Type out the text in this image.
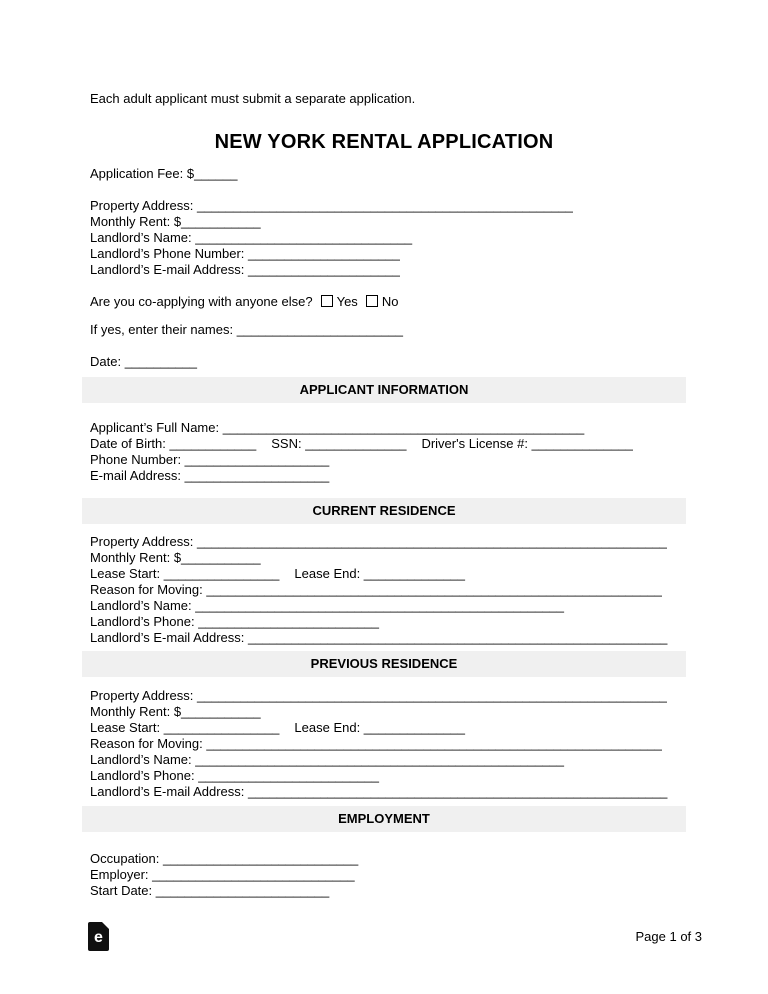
Each adult applicant must submit a separate application.

NEW YORK RENTAL APPLICATION
Application Fee: $______
Property Address: ____________________________________________________
Monthly Rent: $___________
Landlord’s Name: ______________________________
Landlord’s Phone Number: _____________________
Landlord’s E-mail Address: _____________________
Are you co-applying with anyone else? Yes No
If yes, enter their names: _______________________
Date: __________
APPLICANT INFORMATION
Applicant’s Full Name: __________________________________________________
Date of Birth: ____________ SSN: ______________ Driver's License #: ______________
Phone Number: ____________________
E-mail Address: ____________________
CURRENT RESIDENCE
Property Address: _________________________________________________________________
Monthly Rent: $___________
Lease Start: ________________ Lease End: ______________
Reason for Moving: _______________________________________________________________
Landlord’s Name: ___________________________________________________
Landlord’s Phone: _________________________
Landlord’s E-mail Address: __________________________________________________________
PREVIOUS RESIDENCE
Property Address: _________________________________________________________________
Monthly Rent: $___________
Lease Start: ________________ Lease End: ______________
Reason for Moving: _______________________________________________________________
Landlord’s Name: ___________________________________________________
Landlord’s Phone: _________________________
Landlord’s E-mail Address: __________________________________________________________
EMPLOYMENT
Occupation: ___________________________
Employer: ____________________________
Start Date: ________________________
e	Page 1 of 3
